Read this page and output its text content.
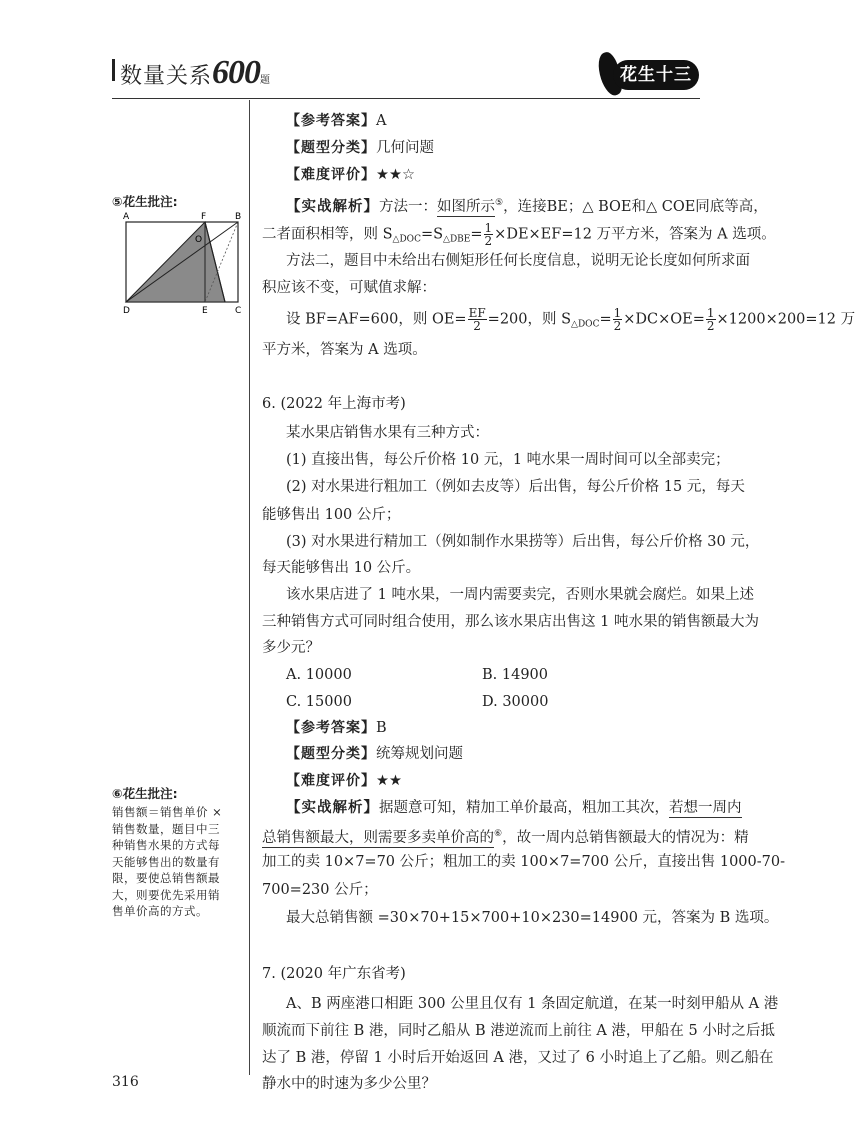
数量关系600题	花生十三
⑤花生批注:
A	F	B
O
D	E	C
⑥花生批注:
销售额＝销售单价 × 销售数量，题目中三种销售水果的方式每天能够售出的数量有限，要使总销售额最大，则要优先采用销售单价高的方式。
【参考答案】A
【题型分类】几何问题
【难度评价】★★☆
【实战解析】方法一：如图所示⑤，连接BE；△ BOE和△ COE同底等高，
二者面积相等，则 $S_{\triangle DOC}=S_{\triangle DBE}= \frac{1}{2} \times DE\times EF=12$ 万平方米，答案为 A 选项。
方法二，题目中未给出右侧矩形任何长度信息，说明无论长度如何所求面
积应该不变，可赋值求解：
设 BF=AF=600，则 $OE= \frac{EF}{2} =200$，则 $S_{\triangle DOC}= \frac{1}{2} \times DC\times OE= \frac{1}{2} \times 1200\times 200=12$ 万
平方米，答案为 A 选项。
6. (2022 年上海市考)
某水果店销售水果有三种方式：
(1) 直接出售，每公斤价格 10 元，1 吨水果一周时间可以全部卖完；
(2) 对水果进行粗加工（例如去皮等）后出售，每公斤价格 15 元，每天
能够售出 100 公斤；
(3) 对水果进行精加工（例如制作水果捞等）后出售，每公斤价格 30 元，
每天能够售出 10 公斤。
该水果店进了 1 吨水果，一周内需要卖完，否则水果就会腐烂。如果上述
三种销售方式可同时组合使用，那么该水果店出售这 1 吨水果的销售额最大为
多少元？
A. 10000	B. 14900
C. 15000	D. 30000
【参考答案】B
【题型分类】统筹规划问题
【难度评价】★★
【实战解析】据题意可知，精加工单价最高，粗加工其次，若想一周内
总销售额最大，则需要多卖单价高的⑥，故一周内总销售额最大的情况为：精
加工的卖 10×7=70 公斤；粗加工的卖 100×7=700 公斤，直接出售 1000-70-
700=230 公斤；
最大总销售额 =30×70+15×700+10×230=14900 元，答案为 B 选项。
7. (2020 年广东省考)
A、B 两座港口相距 300 公里且仅有 1 条固定航道，在某一时刻甲船从 A 港
顺流而下前往 B 港，同时乙船从 B 港逆流而上前往 A 港，甲船在 5 小时之后抵
达了 B 港，停留 1 小时后开始返回 A 港，又过了 6 小时追上了乙船。则乙船在
静水中的时速为多少公里？
316
